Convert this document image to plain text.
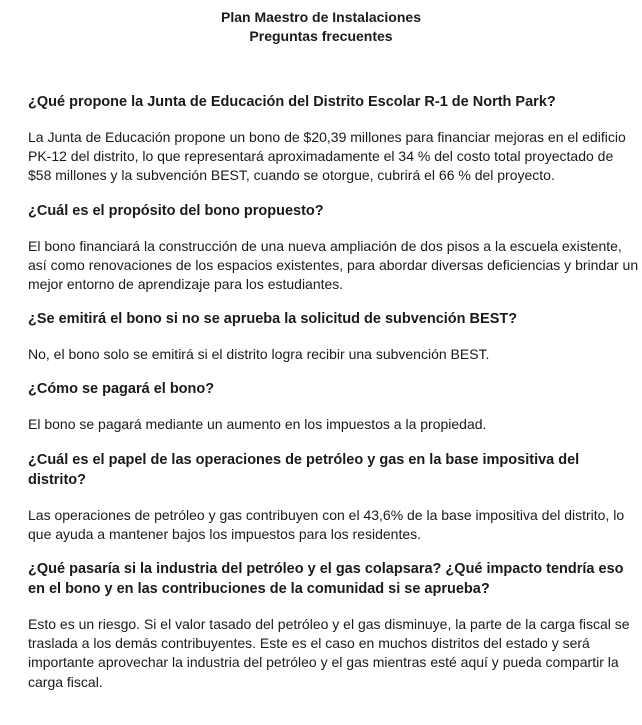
Plan Maestro de Instalaciones
Preguntas frecuentes

¿Qué propone la Junta de Educación del Distrito Escolar R-1 de North Park?

La Junta de Educación propone un bono de $20,39 millones para financiar mejoras en el edificio PK-12 del distrito, lo que representará aproximadamente el 34 % del costo total proyectado de $58 millones y la subvención BEST, cuando se otorgue, cubrirá el 66 % del proyecto.

¿Cuál es el propósito del bono propuesto?

El bono financiará la construcción de una nueva ampliación de dos pisos a la escuela existente, así como renovaciones de los espacios existentes, para abordar diversas deficiencias y brindar un mejor entorno de aprendizaje para los estudiantes.

¿Se emitirá el bono si no se aprueba la solicitud de subvención BEST?

No, el bono solo se emitirá si el distrito logra recibir una subvención BEST.

¿Cómo se pagará el bono?

El bono se pagará mediante un aumento en los impuestos a la propiedad.

¿Cuál es el papel de las operaciones de petróleo y gas en la base impositiva del distrito?

Las operaciones de petróleo y gas contribuyen con el 43,6% de la base impositiva del distrito, lo que ayuda a mantener bajos los impuestos para los residentes.

¿Qué pasaría si la industria del petróleo y el gas colapsara? ¿Qué impacto tendría eso en el bono y en las contribuciones de la comunidad si se aprueba?

Esto es un riesgo. Si el valor tasado del petróleo y el gas disminuye, la parte de la carga fiscal se traslada a los demás contribuyentes. Este es el caso en muchos distritos del estado y será importante aprovechar la industria del petróleo y el gas mientras esté aquí y pueda compartir la carga fiscal.
